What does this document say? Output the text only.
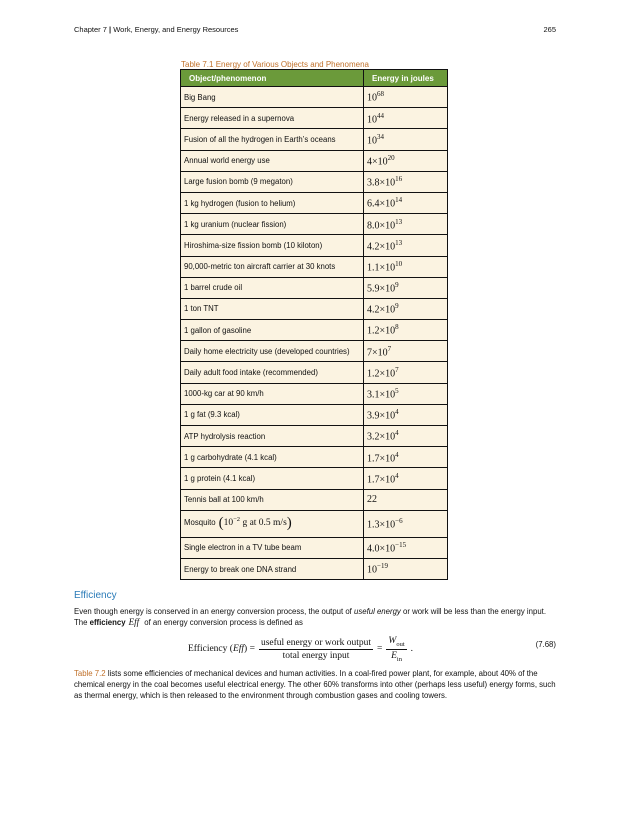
Chapter 7 | Work, Energy, and Energy Resources	265
Table 7.1 Energy of Various Objects and Phenomena
Object/phenomenon	Energy in joules
Big Bang	$10^{68}$
Energy released in a supernova	$10^{44}$
Fusion of all the hydrogen in Earth’s oceans	$10^{34}$
Annual world energy use	$4\times 10^{20}$
Large fusion bomb (9 megaton)	$3.8\times 10^{16}$
1 kg hydrogen (fusion to helium)	$6.4\times 10^{14}$
1 kg uranium (nuclear fission)	$8.0\times 10^{13}$
Hiroshima-size fission bomb (10 kiloton)	$4.2\times 10^{13}$
90,000-metric ton aircraft carrier at 30 knots	$1.1\times 10^{10}$
1 barrel crude oil	$5.9\times 10^9$
1 ton TNT	$4.2\times 10^9$
1 gallon of gasoline	$1.2\times 10^8$
Daily home electricity use (developed countries)	$7\times 10^7$
Daily adult food intake (recommended)	$1.2\times 10^7$
1000-kg car at 90 km/h	$3.1\times 10^5$
1 g fat (9.3 kcal)	$3.9\times 10^4$
ATP hydrolysis reaction	$3.2\times 10^4$
1 g carbohydrate (4.1 kcal)	$1.7\times 10^4$
1 g protein (4.1 kcal)	$1.7\times 10^4$
Tennis ball at 100 km/h	22
Mosquito ($10^{-2}$ g at 0.5 m/s)	$1.3\times 10^{-6}$
Single electron in a TV tube beam	$4.0\times 10^{-15}$
Energy to break one DNA strand	$10^{-19}$
Efficiency
Even though energy is conserved in an energy conversion process, the output of useful energy or work will be less than the energy input. The efficiency Eff of an energy conversion process is defined as
Efficiency ( Eff ) = $\frac{\text{useful energy or work output}}{\text{total energy input}} = \frac{W_{out}}{E_{in}}$ .	(7.68)
Table 7.2 lists some efficiencies of mechanical devices and human activities. In a coal-fired power plant, for example, about 40% of the chemical energy in the coal becomes useful electrical energy. The other 60% transforms into other (perhaps less useful) energy forms, such as thermal energy, which is then released to the environment through combustion gases and cooling towers.
